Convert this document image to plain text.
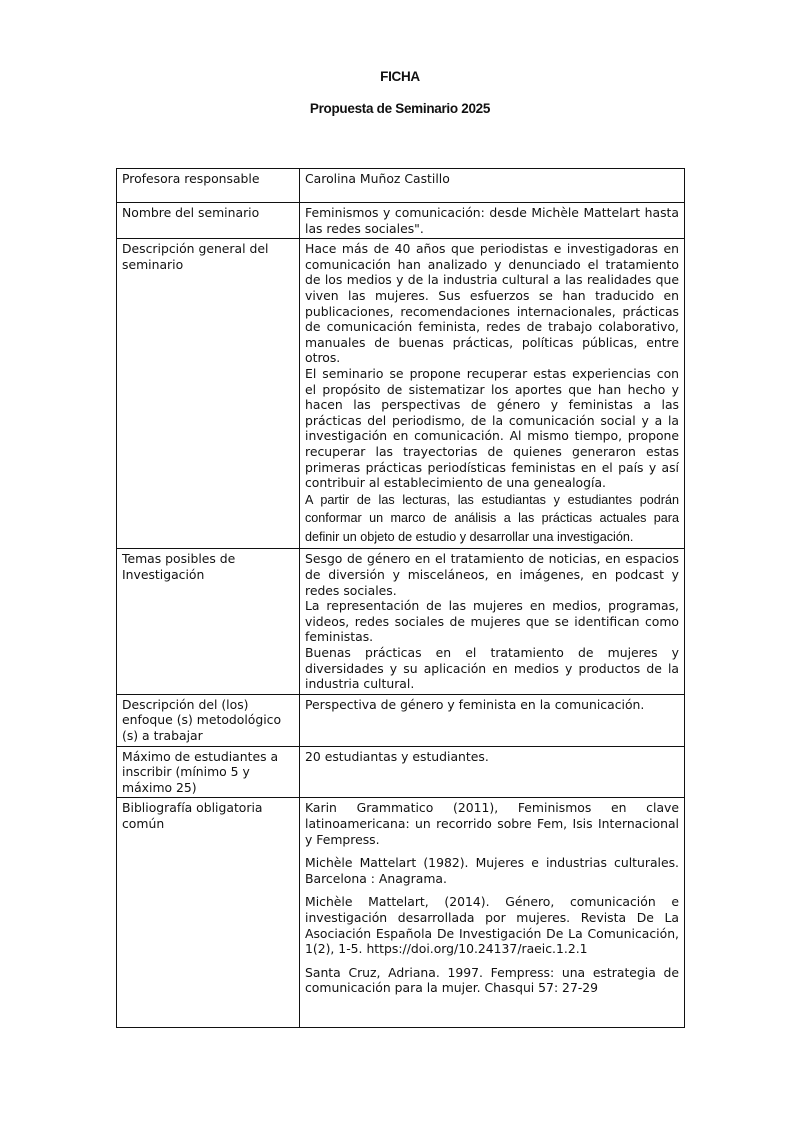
FICHA
Propuesta de Seminario 2025
Profesora responsable	Carolina Muñoz Castillo
Nombre del seminario	Feminismos y comunicación: desde Michèle Mattelart hasta las redes sociales".
Descripción general del seminario	Hace más de 40 años que periodistas e investigadoras en comunicación han analizado y denunciado el tratamiento de los medios y de la industria cultural a las realidades que viven las mujeres. Sus esfuerzos se han traducido en publicaciones, recomendaciones internacionales, prácticas de comunicación feminista, redes de trabajo colaborativo, manuales de buenas prácticas, políticas públicas, entre otros.

El seminario se propone recuperar estas experiencias con el propósito de sistematizar los aportes que han hecho y hacen las perspectivas de género y feministas a las prácticas del periodismo, de la comunicación social y a la investigación en comunicación. Al mismo tiempo, propone recuperar las trayectorias de quienes generaron estas primeras prácticas periodísticas feministas en el país y así contribuir al establecimiento de una genealogía.

A partir de las lecturas, las estudiantas y estudiantes podrán conformar un marco de análisis a las prácticas actuales para definir un objeto de estudio y desarrollar una investigación.

Temas posibles de Investigación	Sesgo de género en el tratamiento de noticias, en espacios de diversión y misceláneos, en imágenes, en podcast y redes sociales.

La representación de las mujeres en medios, programas, videos, redes sociales de mujeres que se identifican como feministas.

Buenas prácticas en el tratamiento de mujeres y diversidades y su aplicación en medios y productos de la industria cultural.

Descripción del (los) enfoque (s) metodológico (s) a trabajar	Perspectiva de género y feminista en la comunicación.
Máximo de estudiantes a inscribir (mínimo 5 y máximo 25)	20 estudiantas y estudiantes.
Bibliografía obligatoria común	Karin Grammatico (2011), Feminismos en clave latinoamericana: un recorrido sobre Fem, Isis Internacional y Fempress.

Michèle Mattelart (1982). Mujeres e industrias culturales. Barcelona : Anagrama.

Michèle Mattelart, (2014). Género, comunicación e investigación desarrollada por mujeres. Revista De La Asociación Española De Investigación De La Comunicación, 1(2), 1-5. https://doi.org/10.24137/raeic.1.2.1

Santa Cruz, Adriana. 1997. Fempress: una estrategia de comunicación para la mujer. Chasqui 57: 27-29
